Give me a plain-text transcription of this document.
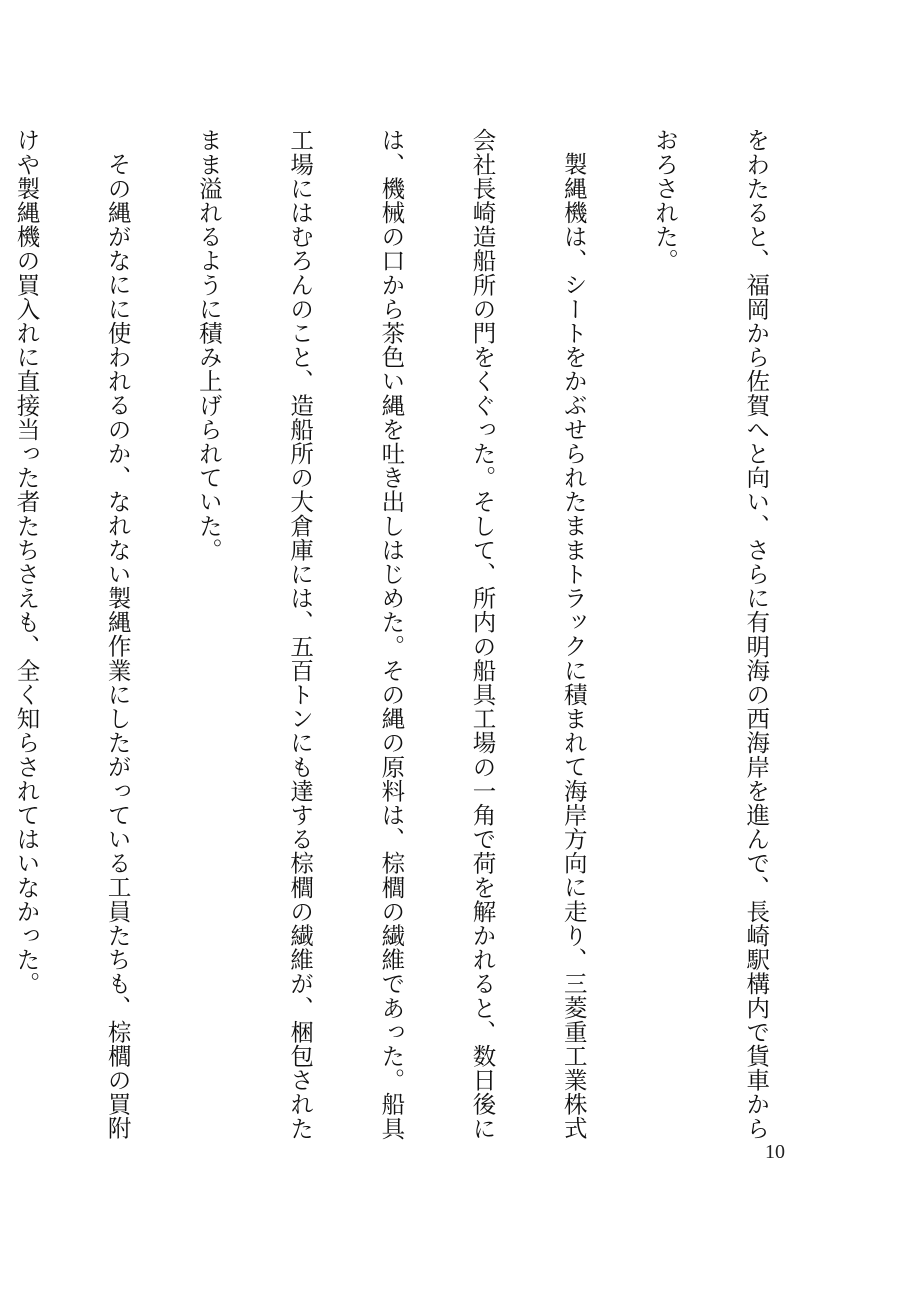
をわたると、福岡から佐賀へと向い、さらに有明海の西海岸を進んで、長崎駅構内で貨車から

おろされた。

製縄機は、シートをかぶせられたままトラックに積まれて海岸方向に走り、三菱重工業株式

会社長崎造船所の門をくぐった。そして、所内の船具工場の一角で荷を解かれると、数日後に

は、機械の口から茶色い縄を吐き出しはじめた。その縄の原料は、棕櫚の繊維であった。船具

工場にはむろんのこと、造船所の大倉庫には、五百トンにも達する棕櫚の繊維が、梱包された

まま溢れるように積み上げられていた。

その縄がなにに使われるのか、なれない製縄作業にしたがっている工員たちも、棕櫚の買附

けや製縄機の買入れに直接当った者たちさえも、全く知らされてはいなかった。

10
